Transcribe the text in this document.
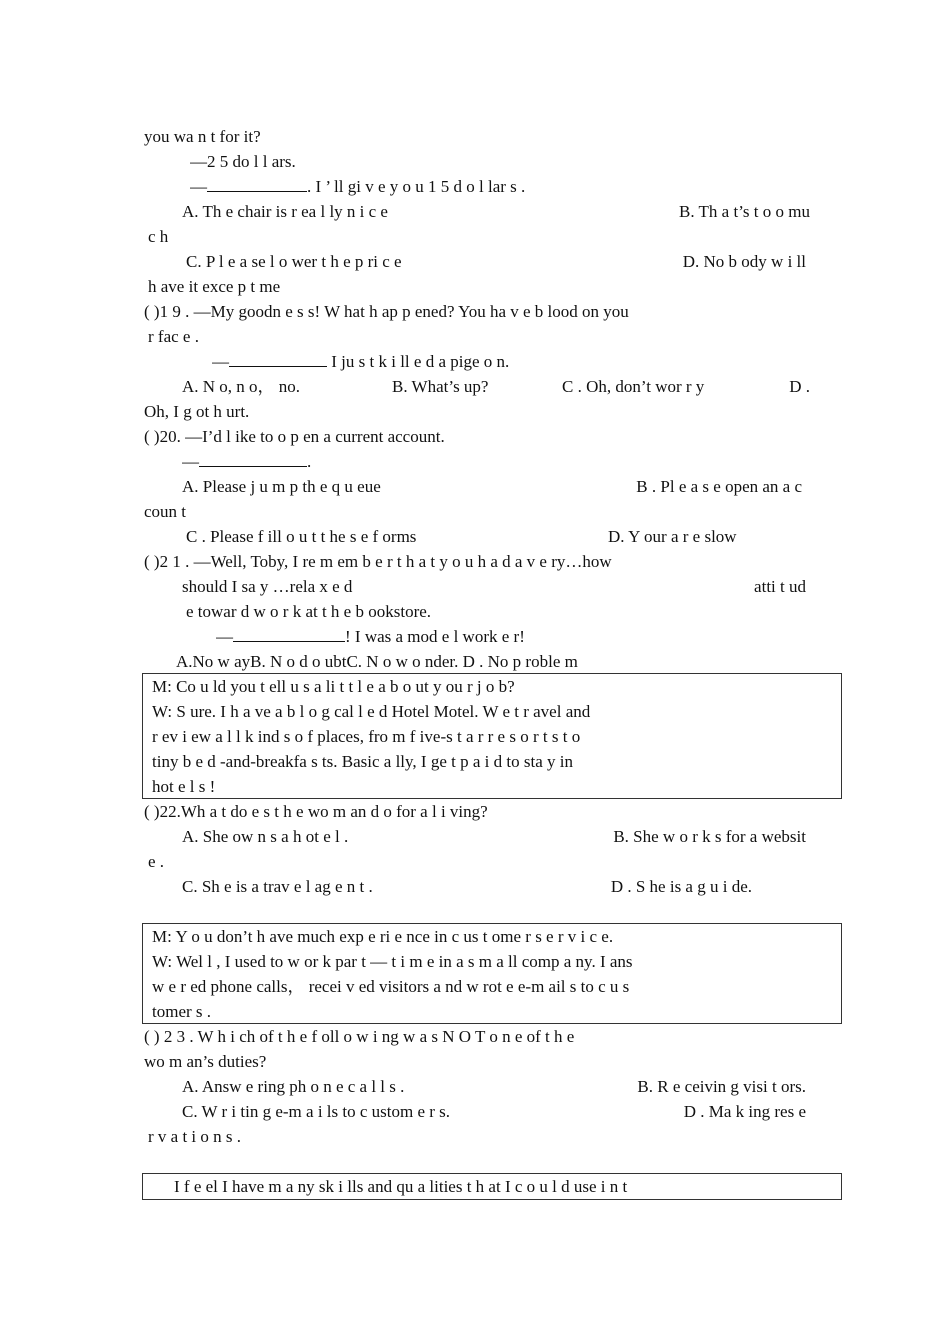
you wa n t for it?
—2 5 do l l ars.
—	. I ’ ll gi v e y o u 1 5 d o l lar s .
A. Th e chair is r ea l ly n i c e	B. Th a t’s t o o mu
c h
C. P l e a se l o wer t h e p ri c e	D. No b ody w i ll
h ave it exce p t me
( )1 9 . —My goodn e s s! W hat h ap p ened? You ha v e b lood on you
r fac e .
—	I ju s t k i ll e d a pige o n.
A. N o, n o， no.	B. What’s up?	C . Oh, don’t wor r y	D .
Oh, I g ot h urt.
( )20. —I’d l ike to o p en a current account.
—	.
A. Please j u m p th e q u eue	B . Pl e a s e open an a c
coun t
C . Please f ill o u t t he s e f orms	D. Y our a r e slow
( )2 1 . —Well, Toby, I re m em b e r t h a t y o u h a d a v e ry…how
should I sa y …rela x e d	atti t ud
e towar d w o r k at t h e b ookstore.
—	! I was a mod e l work e r!
A.No w ayB. N o d o ubtC. N o w o nder. D . No p roble m
M: Co u ld you t ell u s a li t t l e a b o ut y ou r j o b?
W: S ure. I h a ve a b l o g cal l e d Hotel Motel. W e t r avel and
r ev i ew a l l k ind s o f places, fro m f ive-s t a r r e s o r t s t o
tiny b e d -and-breakfa s ts. Basic a lly, I ge t p a i d to sta y in
hot e l s !
( )22.Wh a t do e s t h e wo m an d o for a l i ving?
A. She ow n s a h ot e l .	B. She w o r k s for a websit
e .
C. Sh e is a trav e l ag e n t .	D . S he is a g u i de.
M: Y o u don’t h ave much exp e ri e nce in c us t ome r s e r v i c e.
W: Wel l , I used to w or k par t — t i m e in a s m a ll comp a ny. I ans
w e r ed phone calls， recei v ed visitors a nd w rot e e-m ail s to c u s
tomer s .
( ) 2 3 . W h i ch of t h e f oll o w i ng w a s N O T o n e of t h e
wo m an’s duties?
A. Answ e ring ph o n e c a l l s .	B. R e ceivin g visi t ors.
C. W r i tin g e-m a i ls to c ustom e r s.	D . Ma k ing res e
r v a t i o n s .
I f e el I have m a ny sk i lls and qu a lities t h at I c o u l d use i n t
